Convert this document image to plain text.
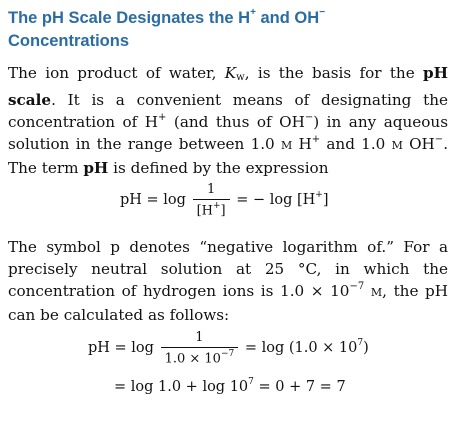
The pH Scale Designates the H+ and OH−
Concentrations
The ion product of water, $K_w$, is the basis for the pH scale. It is a convenient means of designating the concentration of H+ (and thus of OH−) in any aqueous solution in the range between 1.0 M H+ and 1.0 M OH−. The term pH is defined by the expression
pH = $\log \frac{1}{[H^+]}$ = − log [H+]
The symbol p denotes “negative logarithm of.” For a precisely neutral solution at 25 °C, in which the concentration of hydrogen ions is $1.0 \times 10^{-7}$ M, the pH can be calculated as follows:
pH = $\log \frac{1}{1.0 \times 10^{-7}} = \log (1.0 \times 10^7)$
= $\log 1.0 + \log 10^7 = 0 + 7 = 7$
